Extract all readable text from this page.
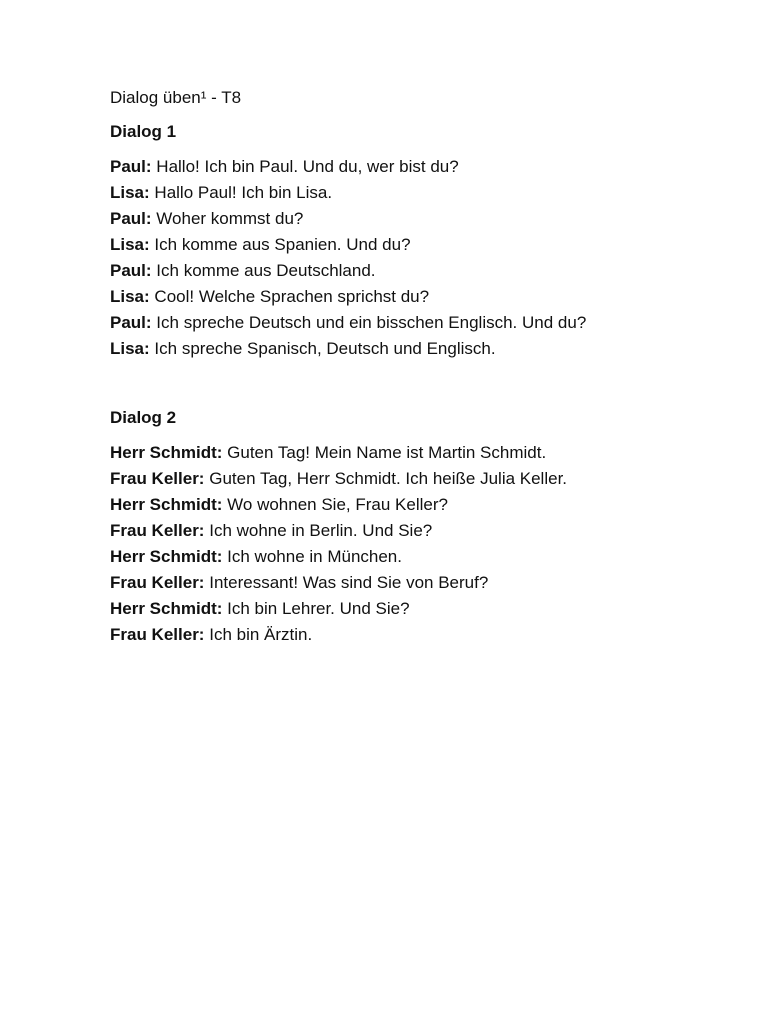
Dialog üben¹ - T8
Dialog 1
Paul: Hallo! Ich bin Paul. Und du, wer bist du?
Lisa: Hallo Paul! Ich bin Lisa.
Paul: Woher kommst du?
Lisa: Ich komme aus Spanien. Und du?
Paul: Ich komme aus Deutschland.
Lisa: Cool! Welche Sprachen sprichst du?
Paul: Ich spreche Deutsch und ein bisschen Englisch. Und du?
Lisa: Ich spreche Spanisch, Deutsch und Englisch.
Dialog 2
Herr Schmidt: Guten Tag! Mein Name ist Martin Schmidt.
Frau Keller: Guten Tag, Herr Schmidt. Ich heiße Julia Keller.
Herr Schmidt: Wo wohnen Sie, Frau Keller?
Frau Keller: Ich wohne in Berlin. Und Sie?
Herr Schmidt: Ich wohne in München.
Frau Keller: Interessant! Was sind Sie von Beruf?
Herr Schmidt: Ich bin Lehrer. Und Sie?
Frau Keller: Ich bin Ärztin.
